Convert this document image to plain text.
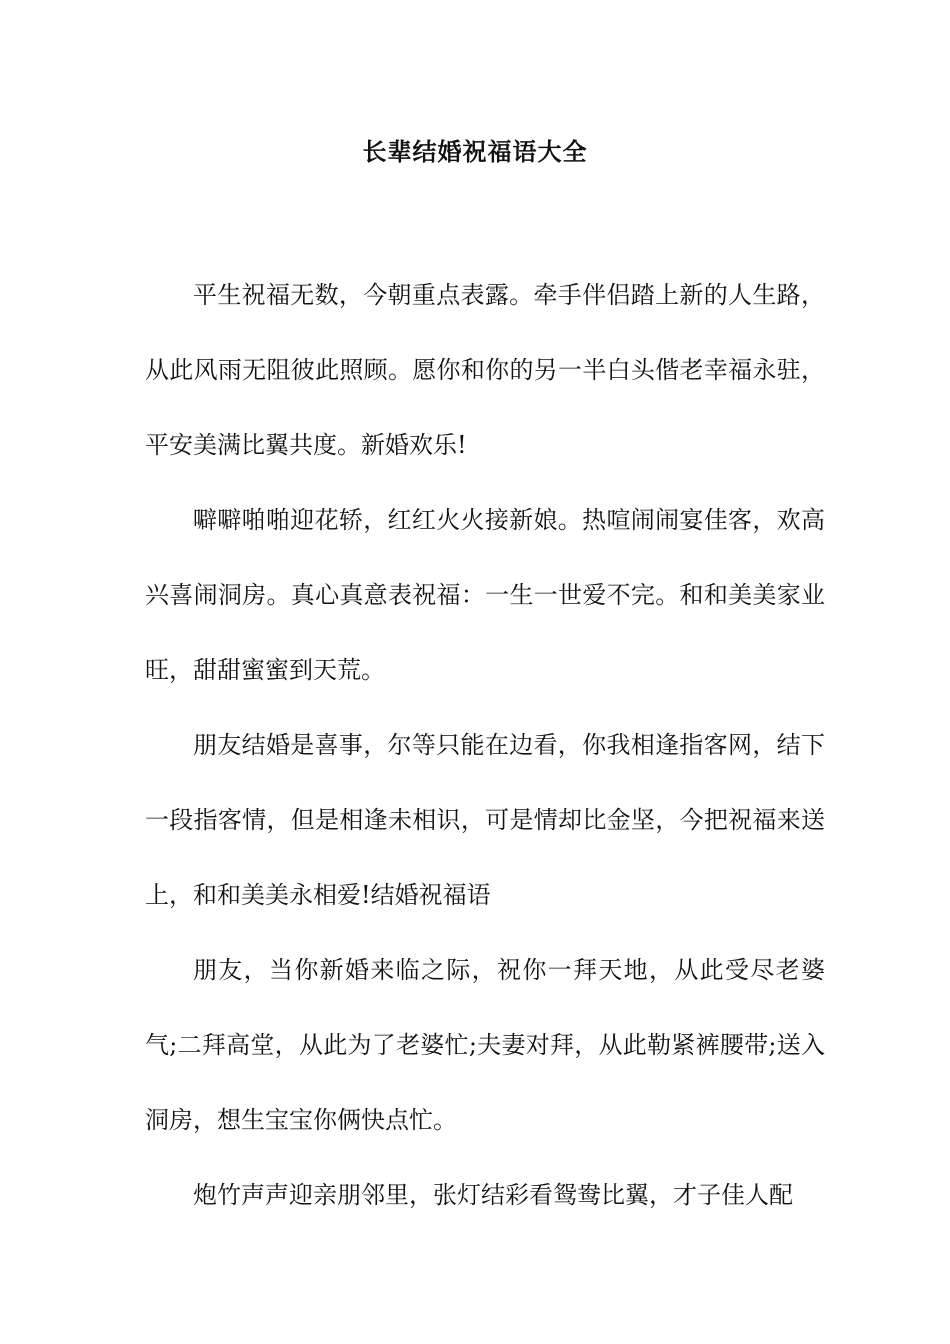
长辈结婚祝福语大全

平生祝福无数，今朝重点表露。牵手伴侣踏上新的人生路，从此风雨无阻彼此照顾。愿你和你的另一半白头偕老幸福永驻，平安美满比翼共度。新婚欢乐!

噼噼啪啪迎花轿，红红火火接新娘。热喧闹闹宴佳客，欢高兴喜闹洞房。真心真意表祝福：一生一世爱不完。和和美美家业旺，甜甜蜜蜜到天荒。

朋友结婚是喜事，尔等只能在边看，你我相逢指客网，结下一段指客情，但是相逢未相识，可是情却比金坚，今把祝福来送上，和和美美永相爱!结婚祝福语

朋友，当你新婚来临之际，祝你一拜天地，从此受尽老婆气;二拜高堂，从此为了老婆忙;夫妻对拜，从此勒紧裤腰带;送入洞房，想生宝宝你俩快点忙。

炮竹声声迎亲朋邻里，张灯结彩看鸳鸯比翼，才子佳人配
